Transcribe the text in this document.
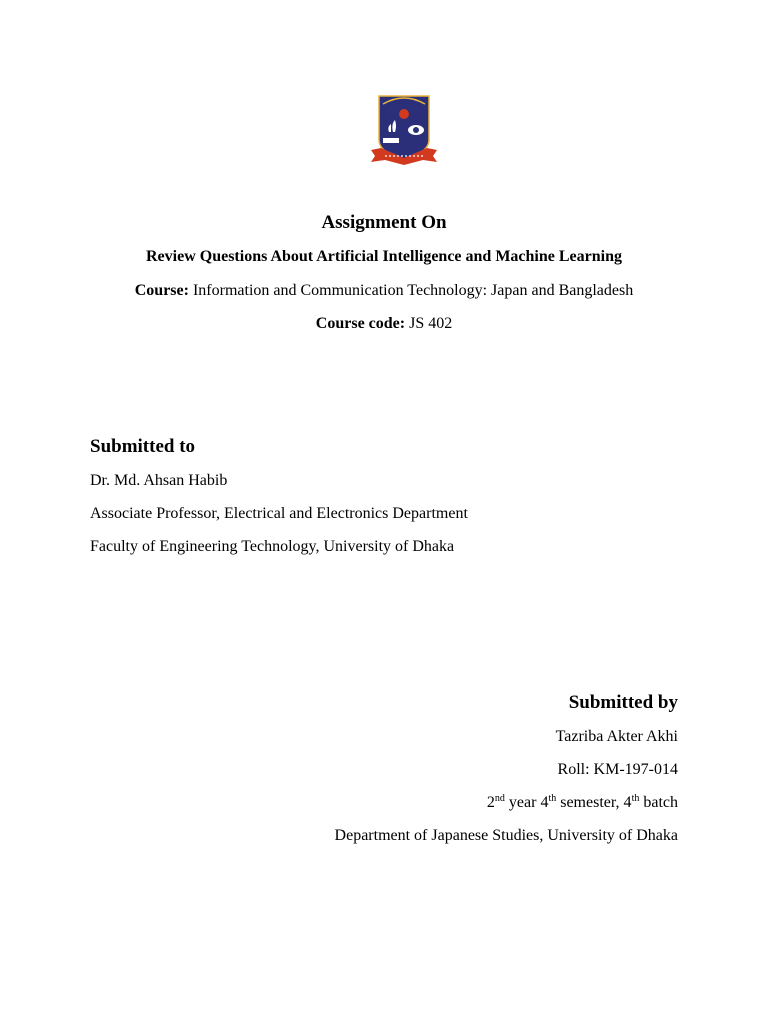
Assignment On
Review Questions About Artificial Intelligence and Machine Learning
Course: Information and Communication Technology: Japan and Bangladesh
Course code: JS 402
Submitted to
Dr. Md. Ahsan Habib
Associate Professor, Electrical and Electronics Department
Faculty of Engineering Technology, University of Dhaka
Submitted by
Tazriba Akter Akhi
Roll: KM-197-014
2nd year 4th semester, 4th batch
Department of Japanese Studies, University of Dhaka
